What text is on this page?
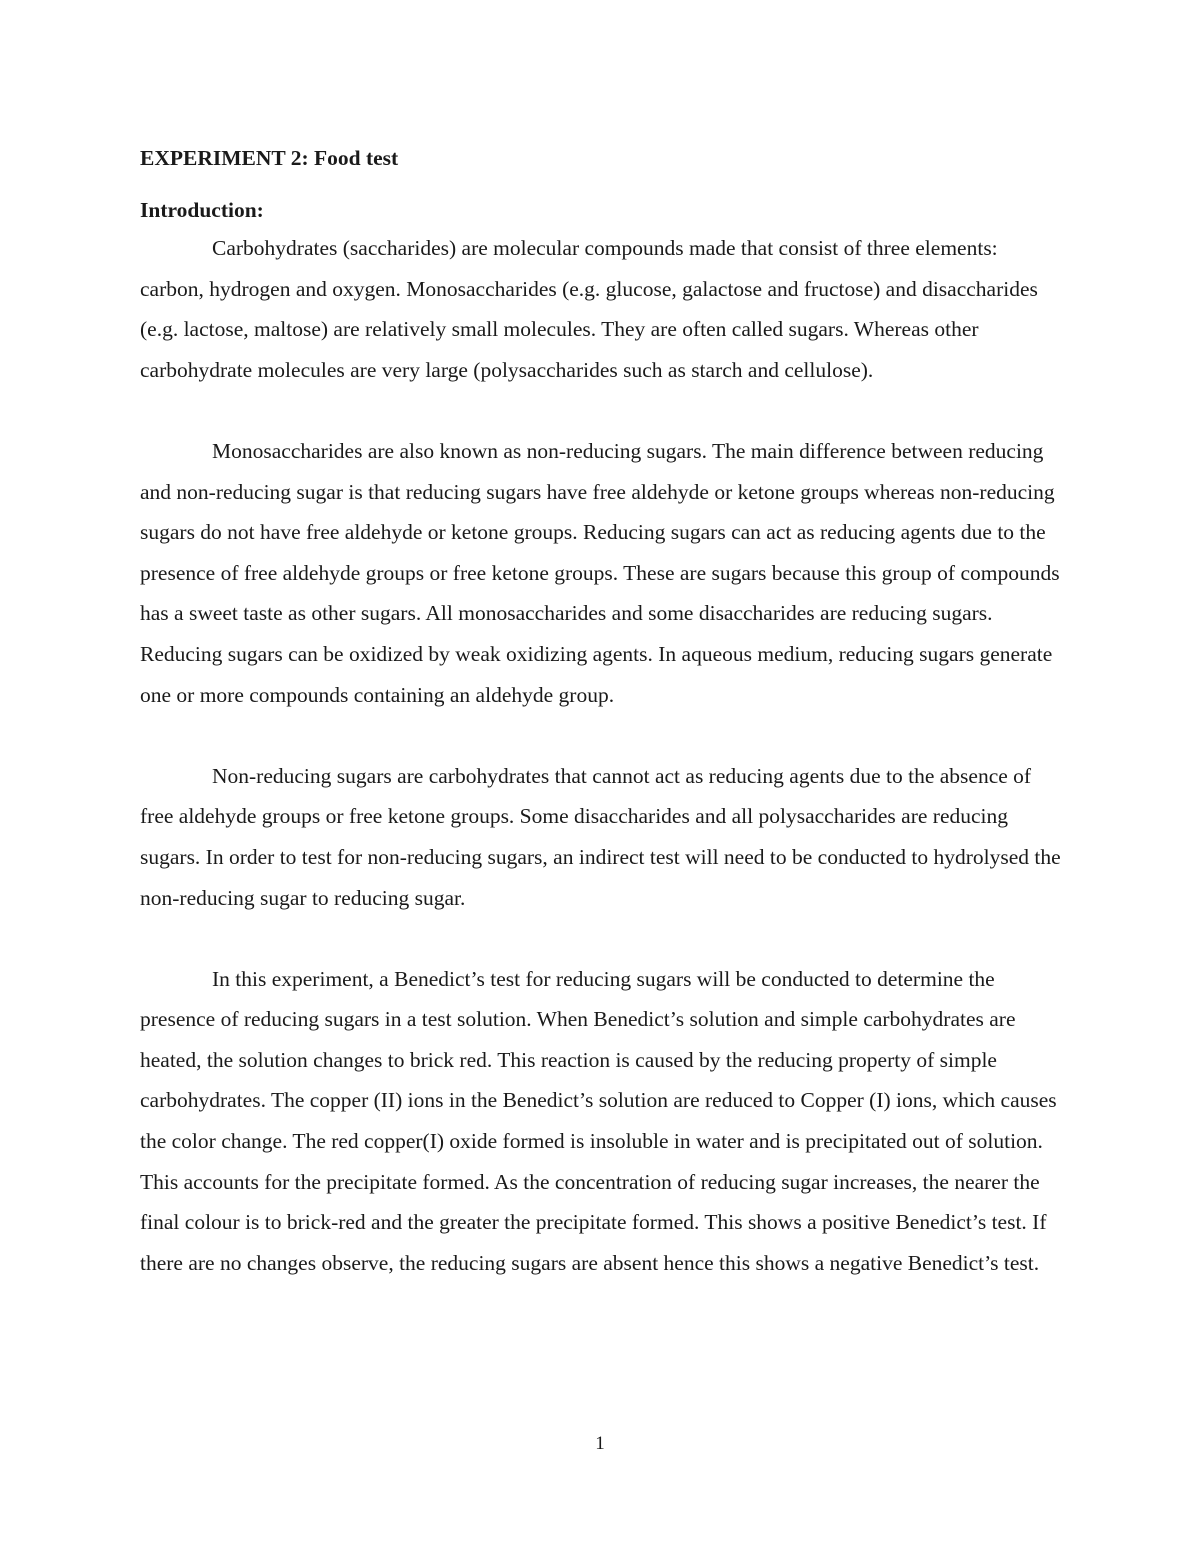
EXPERIMENT 2: Food test

Introduction:

Carbohydrates (saccharides) are molecular compounds made that consist of three elements: carbon, hydrogen and oxygen. Monosaccharides (e.g. glucose, galactose and fructose) and disaccharides (e.g. lactose, maltose) are relatively small molecules. They are often called sugars. Whereas other carbohydrate molecules are very large (polysaccharides such as starch and cellulose).

Monosaccharides are also known as non-reducing sugars. The main difference between reducing and non-reducing sugar is that reducing sugars have free aldehyde or ketone groups whereas non-reducing sugars do not have free aldehyde or ketone groups. Reducing sugars can act as reducing agents due to the presence of free aldehyde groups or free ketone groups. These are sugars because this group of compounds has a sweet taste as other sugars. All monosaccharides and some disaccharides are reducing sugars. Reducing sugars can be oxidized by weak oxidizing agents. In aqueous medium, reducing sugars generate one or more compounds containing an aldehyde group.

Non-reducing sugars are carbohydrates that cannot act as reducing agents due to the absence of free aldehyde groups or free ketone groups. Some disaccharides and all polysaccharides are reducing sugars. In order to test for non-reducing sugars, an indirect test will need to be conducted to hydrolysed the non-reducing sugar to reducing sugar.

In this experiment, a Benedict’s test for reducing sugars will be conducted to determine the presence of reducing sugars in a test solution. When Benedict’s solution and simple carbohydrates are heated, the solution changes to brick red. This reaction is caused by the reducing property of simple carbohydrates. The copper (II) ions in the Benedict’s solution are reduced to Copper (I) ions, which causes the color change. The red copper(I) oxide formed is insoluble in water and is precipitated out of solution. This accounts for the precipitate formed. As the concentration of reducing sugar increases, the nearer the final colour is to brick-red and the greater the precipitate formed. This shows a positive Benedict’s test. If there are no changes observe, the reducing sugars are absent hence this shows a negative Benedict’s test.

1
